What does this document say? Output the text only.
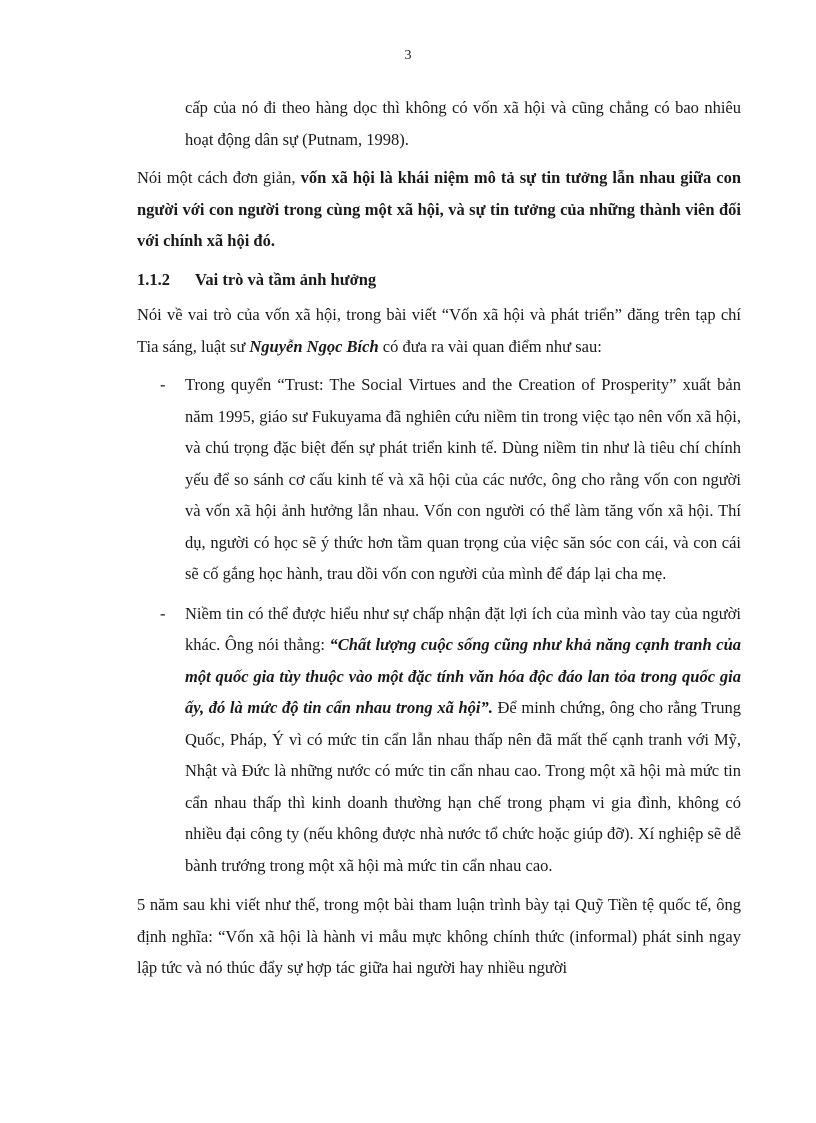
3

cấp của nó đi theo hàng dọc thì không có vốn xã hội và cũng chẳng có bao nhiêu hoạt động dân sự (Putnam, 1998).

Nói một cách đơn giản, vốn xã hội là khái niệm mô tả sự tin tưởng lẫn nhau giữa con người với con người trong cùng một xã hội, và sự tin tưởng của những thành viên đối với chính xã hội đó.

1.1.2	Vai trò và tầm ảnh hưởng

Nói về vai trò của vốn xã hội, trong bài viết “Vốn xã hội và phát triển” đăng trên tạp chí Tia sáng, luật sư Nguyễn Ngọc Bích có đưa ra vài quan điểm như sau:

- Trong quyển “Trust: The Social Virtues and the Creation of Prosperity” xuất bản năm 1995, giáo sư Fukuyama đã nghiên cứu niềm tin trong việc tạo nên vốn xã hội, và chú trọng đặc biệt đến sự phát triển kinh tế. Dùng niềm tin như là tiêu chí chính yếu để so sánh cơ cấu kinh tế và xã hội của các nước, ông cho rằng vốn con người và vốn xã hội ảnh hưởng lẫn nhau. Vốn con người có thể làm tăng vốn xã hội. Thí dụ, người có học sẽ ý thức hơn tầm quan trọng của việc săn sóc con cái, và con cái sẽ cố gắng học hành, trau dồi vốn con người của mình để đáp lại cha mẹ.
- Niềm tin có thể được hiểu như sự chấp nhận đặt lợi ích của mình vào tay của người khác. Ông nói thẳng: “Chất lượng cuộc sống cũng như khả năng cạnh tranh của một quốc gia tùy thuộc vào một đặc tính văn hóa độc đáo lan tỏa trong quốc gia ấy, đó là mức độ tin cẩn nhau trong xã hội”. Để minh chứng, ông cho rằng Trung Quốc, Pháp, Ý vì có mức tin cẩn lẫn nhau thấp nên đã mất thế cạnh tranh với Mỹ, Nhật và Đức là những nước có mức tin cẩn nhau cao. Trong một xã hội mà mức tin cẩn nhau thấp thì kinh doanh thường hạn chế trong phạm vi gia đình, không có nhiều đại công ty (nếu không được nhà nước tổ chức hoặc giúp đỡ). Xí nghiệp sẽ dễ bành trướng trong một xã hội mà mức tin cẩn nhau cao.

5 năm sau khi viết như thế, trong một bài tham luận trình bày tại Quỹ Tiền tệ quốc tế, ông định nghĩa: “Vốn xã hội là hành vi mẫu mực không chính thức (informal) phát sinh ngay lập tức và nó thúc đẩy sự hợp tác giữa hai người hay nhiều người
